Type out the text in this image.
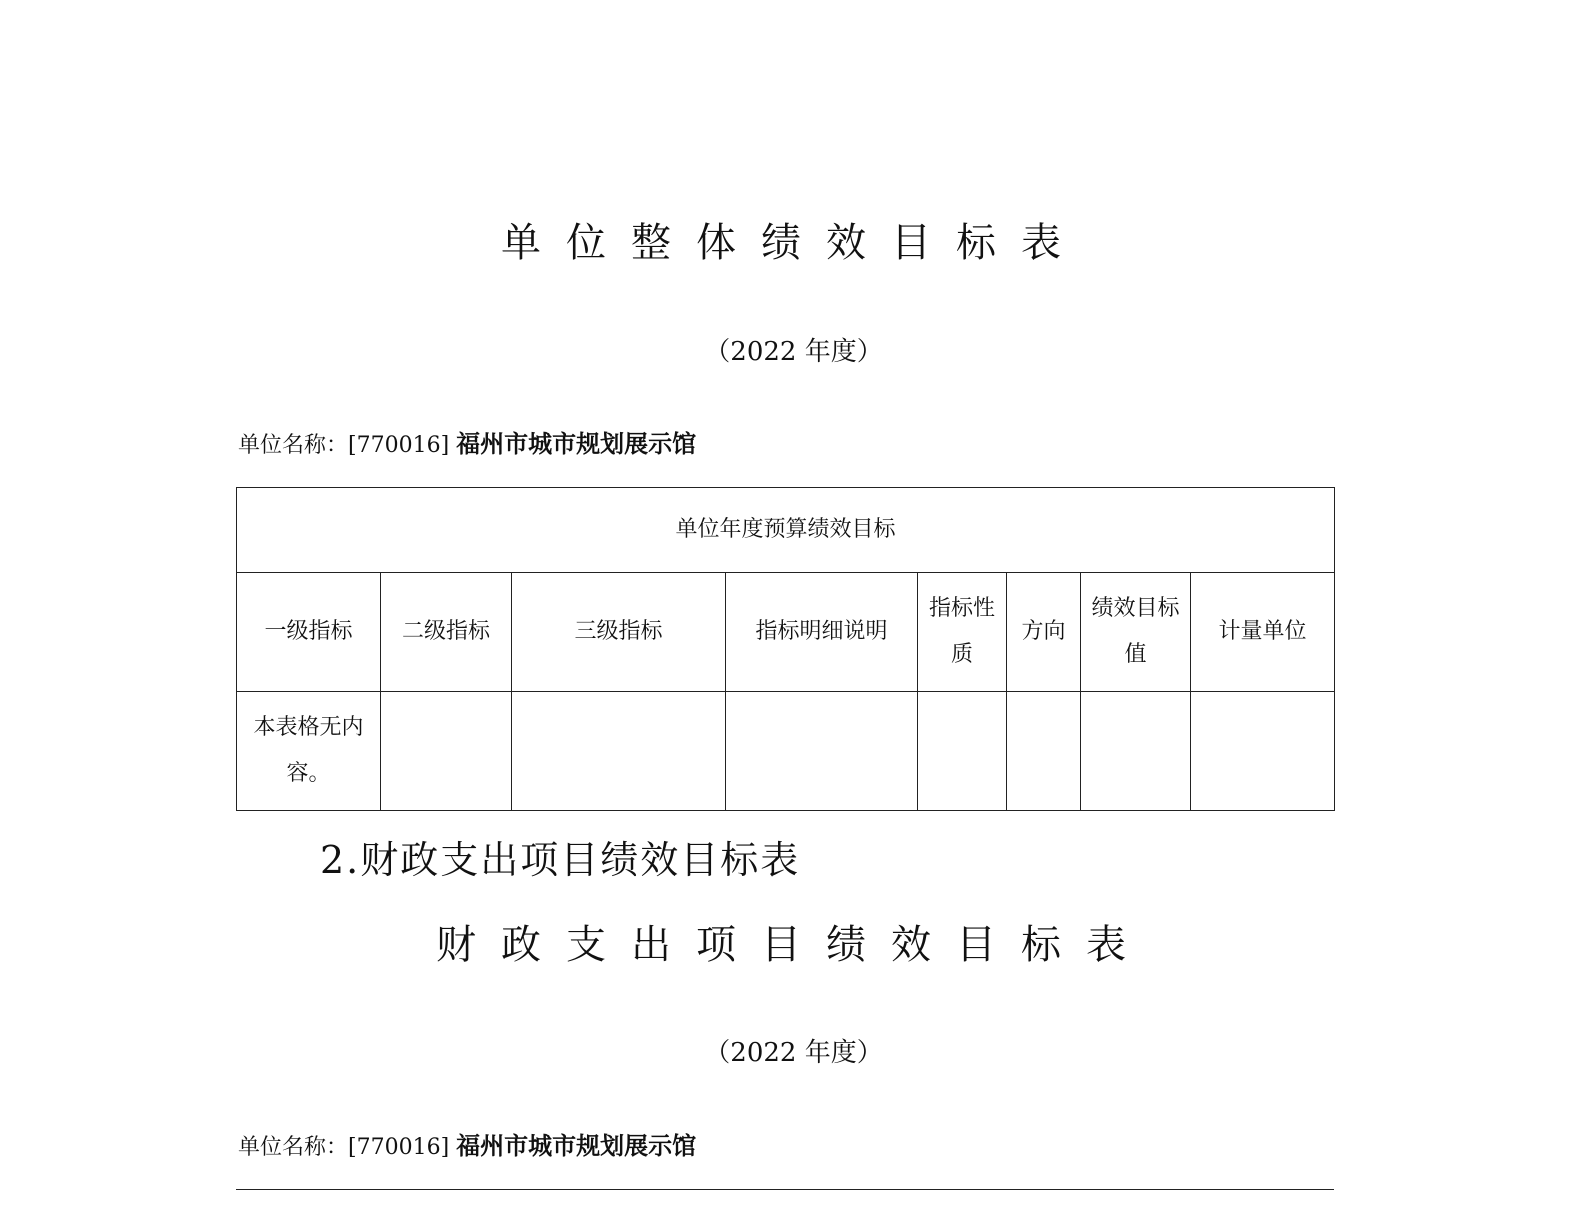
单位整体绩效目标表
（2022 年度）
单位名称：[770016] 福州市城市规划展示馆
单位年度预算绩效目标							
一级指标	二级指标	三级指标	指标明细说明	指标性质	方向	绩效目标值	计量单位
本表格无内容。							
2.财政支出项目绩效目标表
财政支出项目绩效目标表
（2022 年度）
单位名称：[770016] 福州市城市规划展示馆
